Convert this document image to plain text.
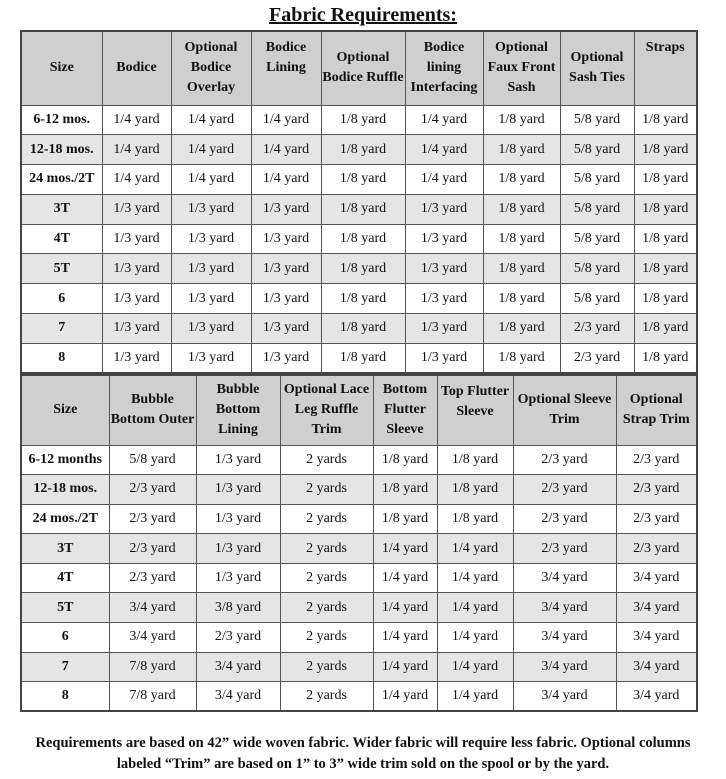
Fabric Requirements:
Size	Bodice	Optional Bodice Overlay	Bodice Lining	Optional Bodice Ruffle	Bodice lining Interfacing	Optional Faux Front Sash	Optional Sash Ties	Straps
6-12 mos.	1/4 yard	1/4 yard	1/4 yard	1/8 yard	1/4 yard	1/8 yard	5/8 yard	1/8 yard
12-18 mos.	1/4 yard	1/4 yard	1/4 yard	1/8 yard	1/4 yard	1/8 yard	5/8 yard	1/8 yard
24 mos./2T	1/4 yard	1/4 yard	1/4 yard	1/8 yard	1/4 yard	1/8 yard	5/8 yard	1/8 yard
3T	1/3 yard	1/3 yard	1/3 yard	1/8 yard	1/3 yard	1/8 yard	5/8 yard	1/8 yard
4T	1/3 yard	1/3 yard	1/3 yard	1/8 yard	1/3 yard	1/8 yard	5/8 yard	1/8 yard
5T	1/3 yard	1/3 yard	1/3 yard	1/8 yard	1/3 yard	1/8 yard	5/8 yard	1/8 yard
6	1/3 yard	1/3 yard	1/3 yard	1/8 yard	1/3 yard	1/8 yard	5/8 yard	1/8 yard
7	1/3 yard	1/3 yard	1/3 yard	1/8 yard	1/3 yard	1/8 yard	2/3 yard	1/8 yard
8	1/3 yard	1/3 yard	1/3 yard	1/8 yard	1/3 yard	1/8 yard	2/3 yard	1/8 yard
Size	Bubble Bottom Outer	Bubble Bottom Lining	Optional Lace Leg Ruffle Trim	Bottom Flutter Sleeve	Top Flutter Sleeve	Optional Sleeve Trim	Optional Strap Trim
6-12 months	5/8 yard	1/3 yard	2 yards	1/8 yard	1/8 yard	2/3 yard	2/3 yard
12-18 mos.	2/3 yard	1/3 yard	2 yards	1/8 yard	1/8 yard	2/3 yard	2/3 yard
24 mos./2T	2/3 yard	1/3 yard	2 yards	1/8 yard	1/8 yard	2/3 yard	2/3 yard
3T	2/3 yard	1/3 yard	2 yards	1/4 yard	1/4 yard	2/3 yard	2/3 yard
4T	2/3 yard	1/3 yard	2 yards	1/4 yard	1/4 yard	3/4 yard	3/4 yard
5T	3/4 yard	3/8 yard	2 yards	1/4 yard	1/4 yard	3/4 yard	3/4 yard
6	3/4 yard	2/3 yard	2 yards	1/4 yard	1/4 yard	3/4 yard	3/4 yard
7	7/8 yard	3/4 yard	2 yards	1/4 yard	1/4 yard	3/4 yard	3/4 yard
8	7/8 yard	3/4 yard	2 yards	1/4 yard	1/4 yard	3/4 yard	3/4 yard
Requirements are based on 42” wide woven fabric. Wider fabric will require less fabric. Optional columns
labeled “Trim” are based on 1” to 3” wide trim sold on the spool or by the yard.
